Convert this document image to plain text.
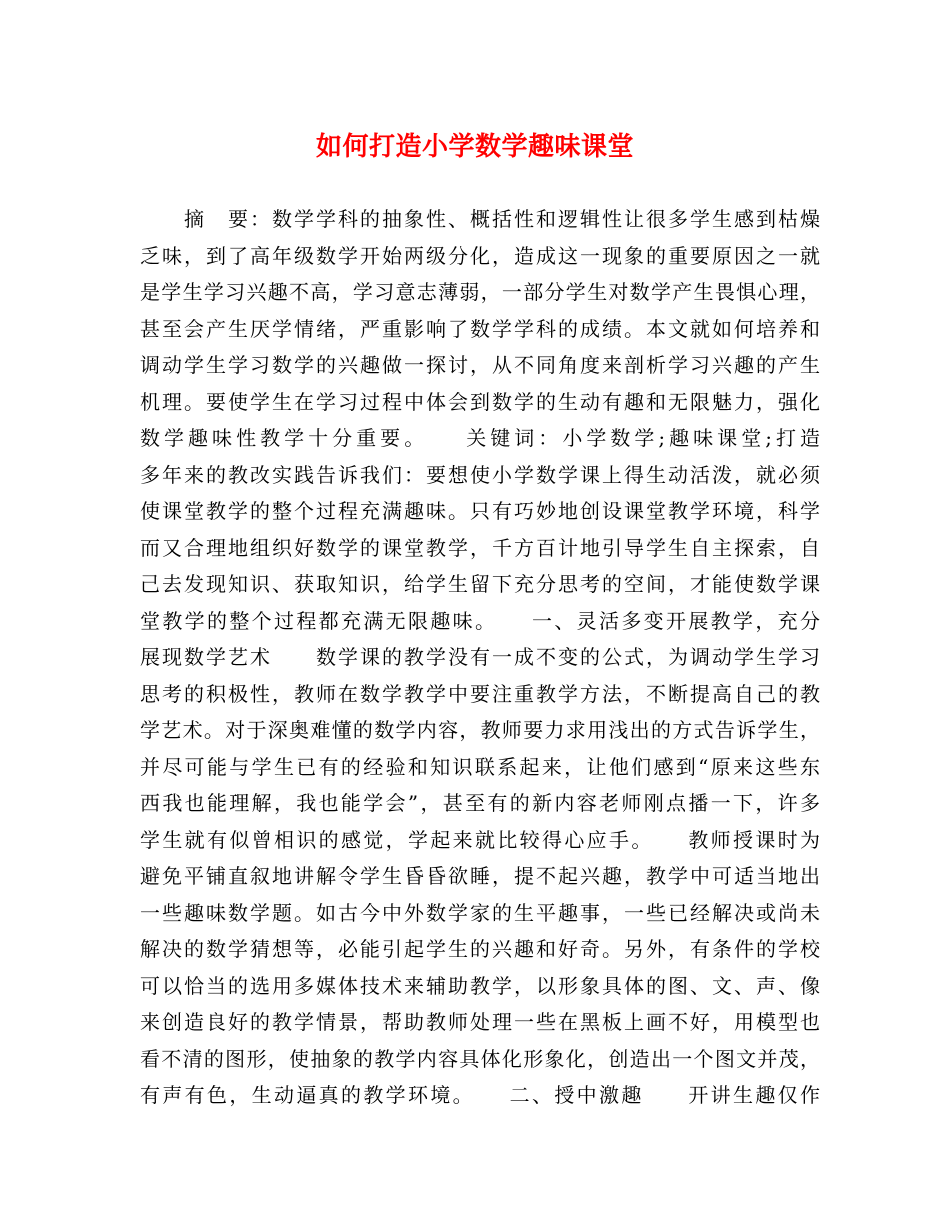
如何打造小学数学趣味课堂
　　摘　要：数学学科的抽象性、概括性和逻辑性让很多学生感到枯燥
乏味，到了高年级数学开始两级分化，造成这一现象的重要原因之一就
是学生学习兴趣不高，学习意志薄弱，一部分学生对数学产生畏惧心理，
甚至会产生厌学情绪，严重影响了数学学科的成绩。本文就如何培养和
调动学生学习数学的兴趣做一探讨，从不同角度来剖析学习兴趣的产生
机理。要使学生在学习过程中体会到数学的生动有趣和无限魅力，强化
数学趣味性教学十分重要。　　关键词：小学数学;趣味课堂;打造
多年来的教改实践告诉我们：要想使小学数学课上得生动活泼，就必须
使课堂教学的整个过程充满趣味。只有巧妙地创设课堂教学环境，科学
而又合理地组织好数学的课堂教学，千方百计地引导学生自主探索，自
己去发现知识、获取知识，给学生留下充分思考的空间，才能使数学课
堂教学的整个过程都充满无限趣味。　　一、灵活多变开展教学，充分
展现数学艺术　　数学课的教学没有一成不变的公式，为调动学生学习
思考的积极性，教师在数学教学中要注重教学方法，不断提高自己的教
学艺术。对于深奥难懂的数学内容，教师要力求用浅出的方式告诉学生，
并尽可能与学生已有的经验和知识联系起来，让他们感到“原来这些东
西我也能理解，我也能学会”，甚至有的新内容老师刚点播一下，许多
学生就有似曾相识的感觉，学起来就比较得心应手。　　教师授课时为
避免平铺直叙地讲解令学生昏昏欲睡，提不起兴趣，教学中可适当地出
一些趣味数学题。如古今中外数学家的生平趣事，一些已经解决或尚未
解决的数学猜想等，必能引起学生的兴趣和好奇。另外，有条件的学校
可以恰当的选用多媒体技术来辅助教学，以形象具体的图、文、声、像
来创造良好的教学情景，帮助教师处理一些在黑板上画不好，用模型也
看不清的图形，使抽象的教学内容具体化形象化，创造出一个图文并茂，
有声有色，生动逼真的教学环境。　　二、授中激趣　　开讲生趣仅作
